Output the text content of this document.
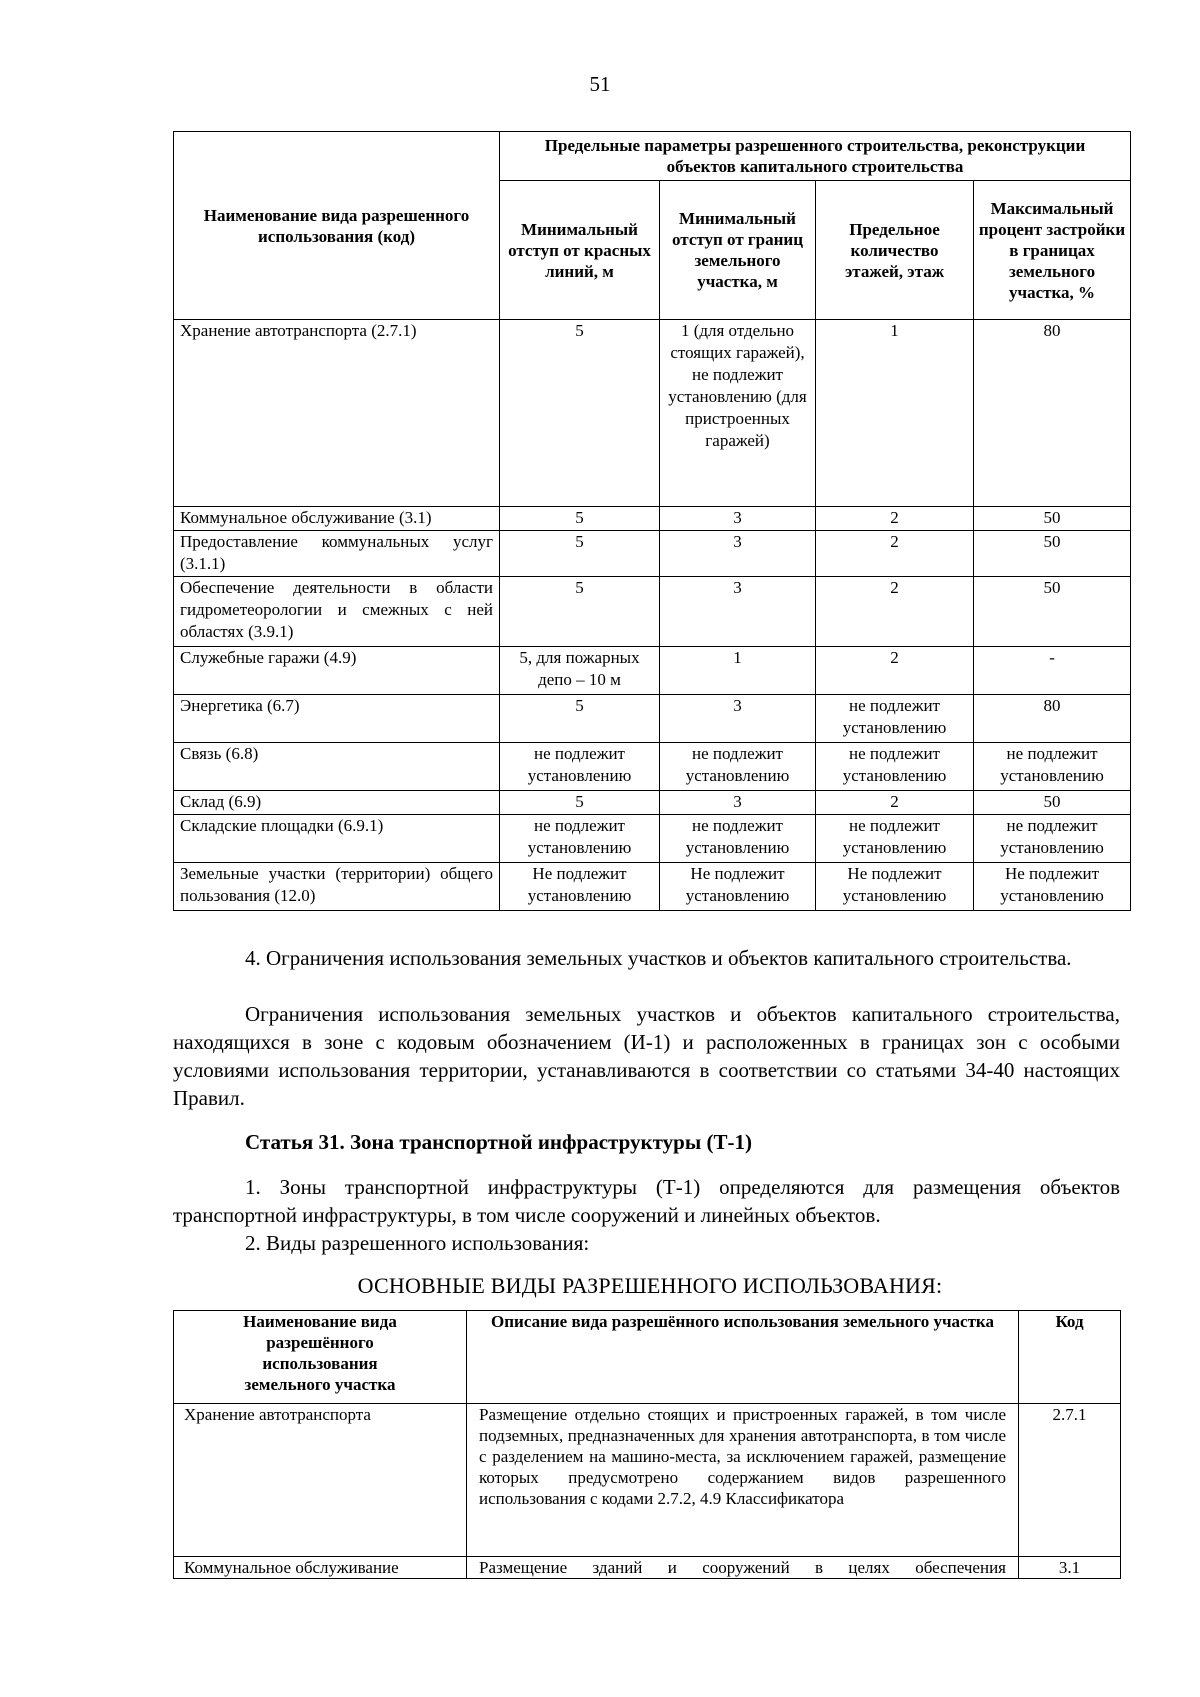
51
Наименование вида разрешенного использования (код)	Предельные параметры разрешенного строительства, реконструкции объектов капитального строительства			
	Минимальный отступ от красных линий, м	Минимальный отступ от границ земельного участка, м	Предельное количество этажей, этаж	Максимальный процент застройки в границах земельного участка, %
Хранение автотранспорта (2.7.1)	5	1 (для отдельно стоящих гаражей), не подлежит установлению (для пристроенных гаражей)	1	80
Коммунальное обслуживание (3.1)	5	3	2	50
Предоставление коммунальных услуг (3.1.1)	5	3	2	50
Обеспечение деятельности в области гидрометеорологии и смежных с ней областях (3.9.1)	5	3	2	50
Служебные гаражи (4.9)	5, для пожарных депо – 10 м	1	2	-
Энергетика (6.7)	5	3	не подлежит установлению	80
Связь (6.8)	не подлежит установлению	не подлежит установлению	не подлежит установлению	не подлежит установлению
Склад (6.9)	5	3	2	50
Складские площадки (6.9.1)	не подлежит установлению	не подлежит установлению	не подлежит установлению	не подлежит установлению
Земельные участки (территории) общего пользования (12.0)	Не подлежит установлению	Не подлежит установлению	Не подлежит установлению	Не подлежит установлению
4. Ограничения использования земельных участков и объектов капитального строительства.
Ограничения использования земельных участков и объектов капитального строительства, находящихся в зоне с кодовым обозначением (И-1) и расположенных в границах зон с особыми условиями использования территории, устанавливаются в соответствии со статьями 34-40 настоящих Правил.
Статья 31. Зона транспортной инфраструктуры (Т-1)
1. Зоны транспортной инфраструктуры (Т-1) определяются для размещения объектов транспортной инфраструктуры, в том числе сооружений и линейных объектов.
2. Виды разрешенного использования:
ОСНОВНЫЕ ВИДЫ РАЗРЕШЕННОГО ИСПОЛЬЗОВАНИЯ:
Наименование вида разрешённого использования земельного участка	Описание вида разрешённого использования земельного участка	Код
Хранение автотранспорта	Размещение отдельно стоящих и пристроенных гаражей, в том числе подземных, предназначенных для хранения автотранспорта, в том числе с разделением на машино-места, за исключением гаражей, размещение которых предусмотрено содержанием видов разрешенного использования с кодами 2.7.2, 4.9 Классификатора	2.7.1
Коммунальное обслуживание	Размещение зданий и сооружений в целях обеспечения	3.1
